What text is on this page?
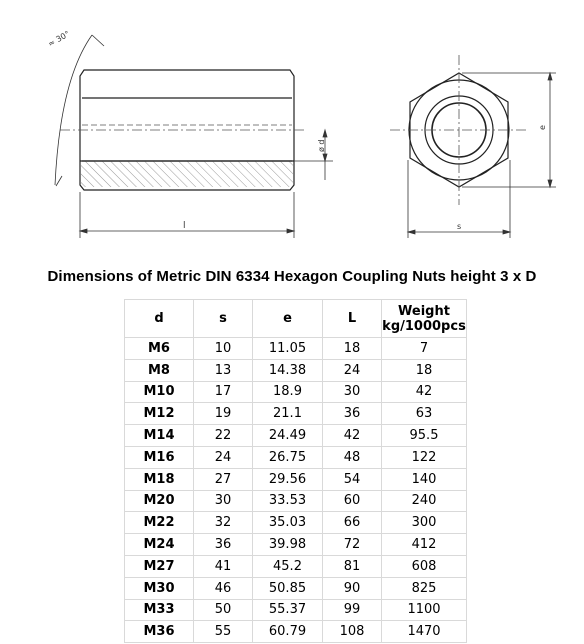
≈ 30°
l
ø d
e
s
Dimensions of Metric DIN 6334 Hexagon Coupling Nuts height 3 x D
d	s	e	L	Weight
kg/1000pcs
M6	10	11.05	18	7
M8	13	14.38	24	18
M10	17	18.9	30	42
M12	19	21.1	36	63
M14	22	24.49	42	95.5
M16	24	26.75	48	122
M18	27	29.56	54	140
M20	30	33.53	60	240
M22	32	35.03	66	300
M24	36	39.98	72	412
M27	41	45.2	81	608
M30	46	50.85	90	825
M33	50	55.37	99	1100
M36	55	60.79	108	1470
